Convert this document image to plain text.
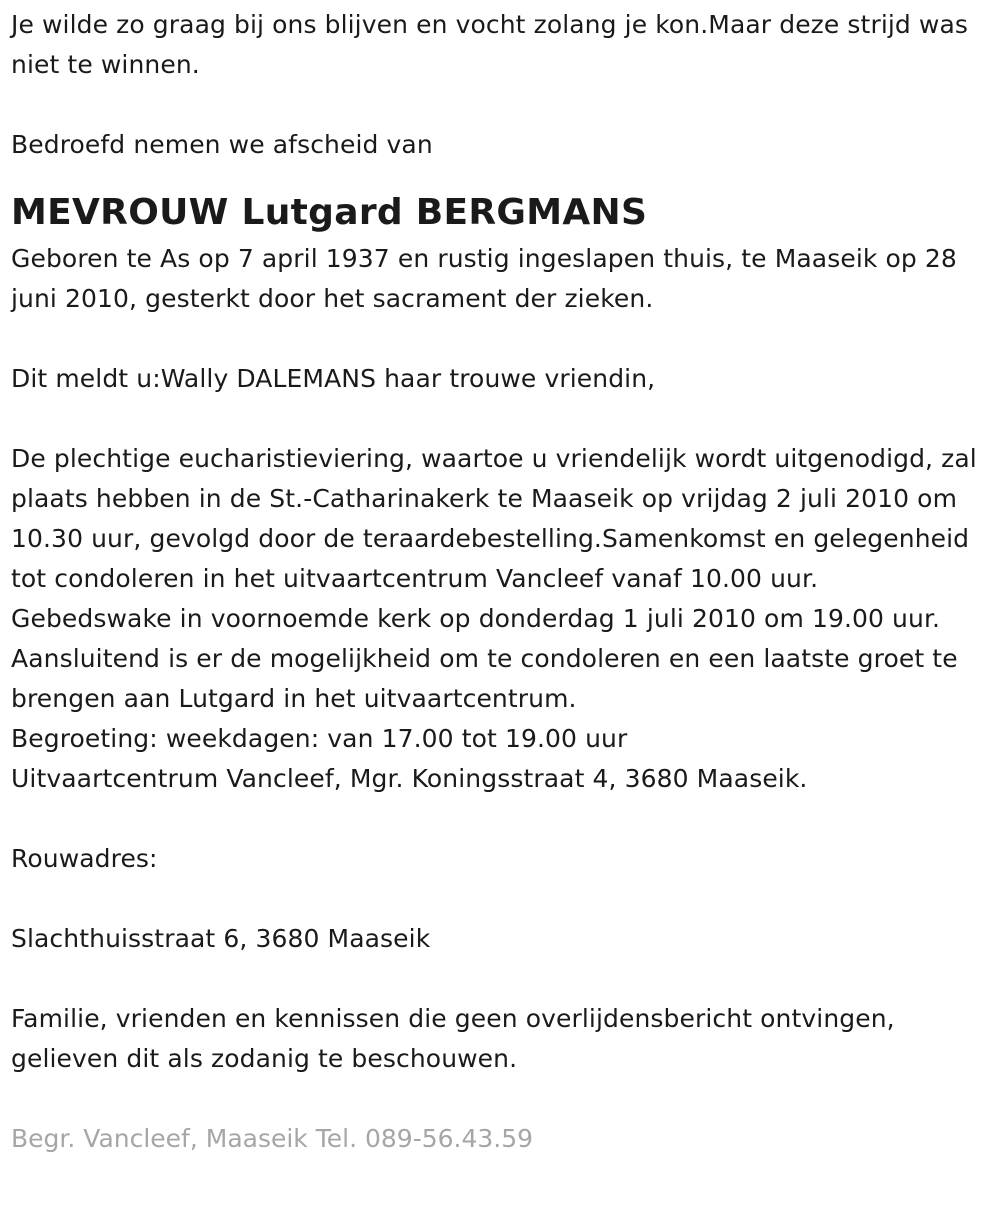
Je wilde zo graag bij ons blijven en vocht zolang je kon.Maar deze strijd was niet te winnen.

Bedroefd nemen we afscheid van

MEVROUW Lutgard BERGMANS

Geboren te As op 7 april 1937 en rustig ingeslapen thuis, te Maaseik op 28 juni 2010, gesterkt door het sacrament der zieken.

Dit meldt u:Wally DALEMANS haar trouwe vriendin,

De plechtige eucharistieviering, waartoe u vriendelijk wordt uitgenodigd, zal plaats hebben in de St.-Catharinakerk te Maaseik op vrijdag 2 juli 2010 om 10.30 uur, gevolgd door de teraardebestelling.Samenkomst en gelegenheid tot condoleren in het uitvaartcentrum Vancleef vanaf 10.00 uur.

Gebedswake in voornoemde kerk op donderdag 1 juli 2010 om 19.00 uur.

Aansluitend is er de mogelijkheid om te condoleren en een laatste groet te brengen aan Lutgard in het uitvaartcentrum.

Begroeting: weekdagen: van 17.00 tot 19.00 uur

Uitvaartcentrum Vancleef, Mgr. Koningsstraat 4, 3680 Maaseik.

Rouwadres:

Slachthuisstraat 6, 3680 Maaseik

Familie, vrienden en kennissen die geen overlijdensbericht ontvingen, gelieven dit als zodanig te beschouwen.

Begr. Vancleef, Maaseik Tel. 089-56.43.59
